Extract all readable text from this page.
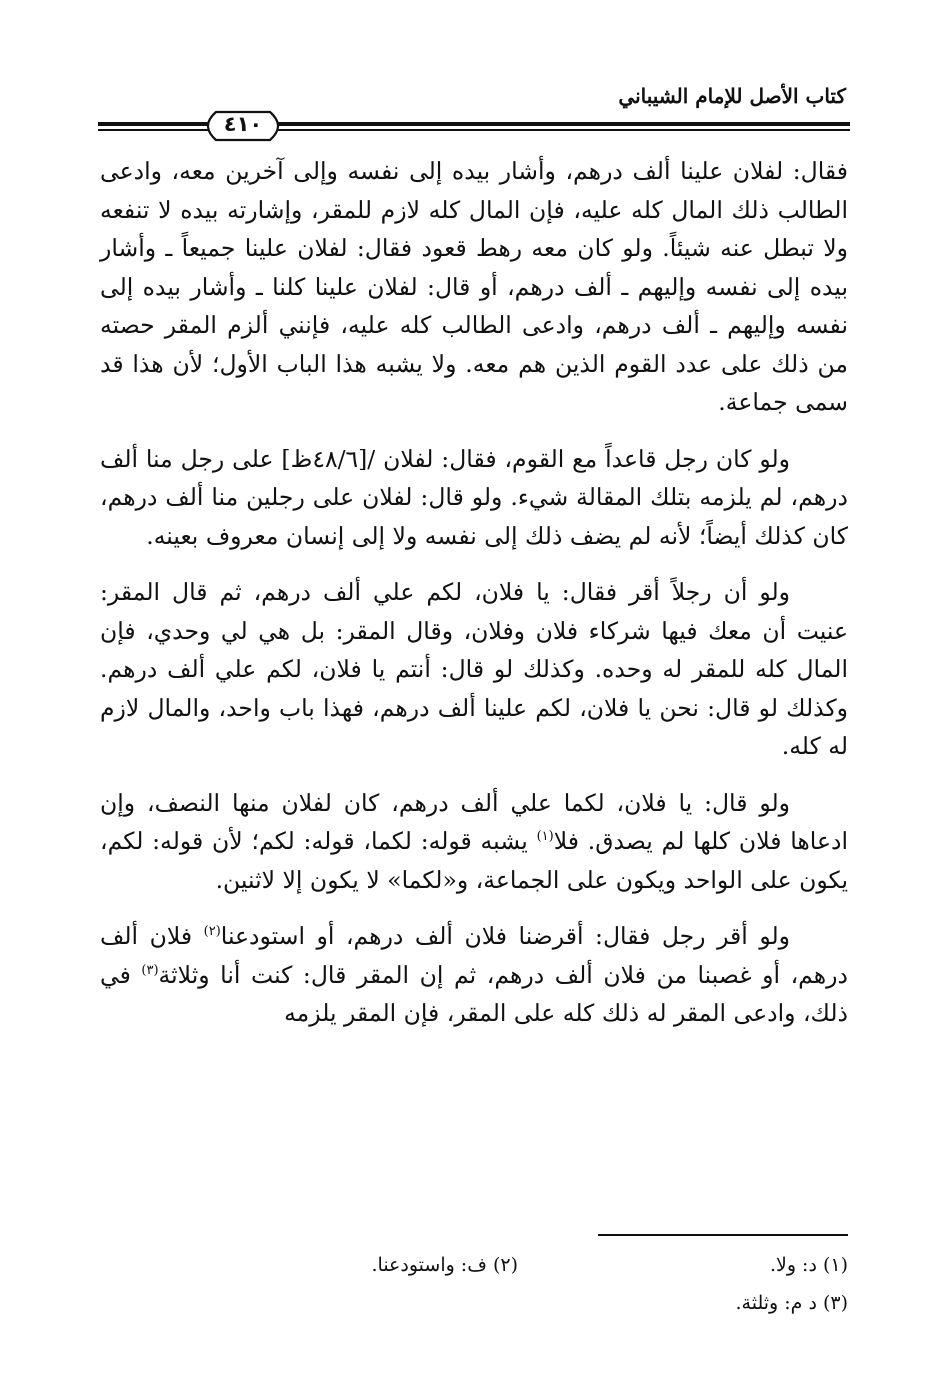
كتاب الأصل للإمام الشيباني
٤١٠

فقال: لفلان علينا ألف درهم، وأشار بيده إلى نفسه وإلى آخرين معه، وادعى الطالب ذلك المال كله عليه، فإن المال كله لازم للمقر، وإشارته بيده لا تنفعه ولا تبطل عنه شيئاً. ولو كان معه رهط قعود فقال: لفلان علينا جميعاً ـ وأشار بيده إلى نفسه وإليهم ـ ألف درهم، أو قال: لفلان علينا كلنا ـ وأشار بيده إلى نفسه وإليهم ـ ألف درهم، وادعى الطالب كله عليه، فإنني ألزم المقر حصته من ذلك على عدد القوم الذين هم معه. ولا يشبه هذا الباب الأول؛ لأن هذا قد سمى جماعة.

ولو كان رجل قاعداً مع القوم، فقال: لفلان /[٤٨/٦ظ] على رجل منا ألف درهم، لم يلزمه بتلك المقالة شيء. ولو قال: لفلان على رجلين منا ألف درهم، كان كذلك أيضاً؛ لأنه لم يضف ذلك إلى نفسه ولا إلى إنسان معروف بعينه.

ولو أن رجلاً أقر فقال: يا فلان، لكم علي ألف درهم، ثم قال المقر: عنيت أن معك فيها شركاء فلان وفلان، وقال المقر: بل هي لي وحدي، فإن المال كله للمقر له وحده. وكذلك لو قال: أنتم يا فلان، لكم علي ألف درهم. وكذلك لو قال: نحن يا فلان، لكم علينا ألف درهم، فهذا باب واحد، والمال لازم له كله.

ولو قال: يا فلان، لكما علي ألف درهم، كان لفلان منها النصف، وإن ادعاها فلان كلها لم يصدق. فلا$^{(١)}$ يشبه قوله: لكما، قوله: لكم؛ لأن قوله: لكم، يكون على الواحد ويكون على الجماعة، و«لكما» لا يكون إلا لاثنين.

ولو أقر رجل فقال: أقرضنا فلان ألف درهم، أو استودعنا$^{(٢)}$ فلان ألف درهم، أو غصبنا من فلان ألف درهم، ثم إن المقر قال: كنت أنا وثلاثة$^{(٣)}$ في ذلك، وادعى المقر له ذلك كله على المقر، فإن المقر يلزمه

(١) د: ولا.
(٢) ف: واستودعنا.
(٣) د م: وثلثة.
